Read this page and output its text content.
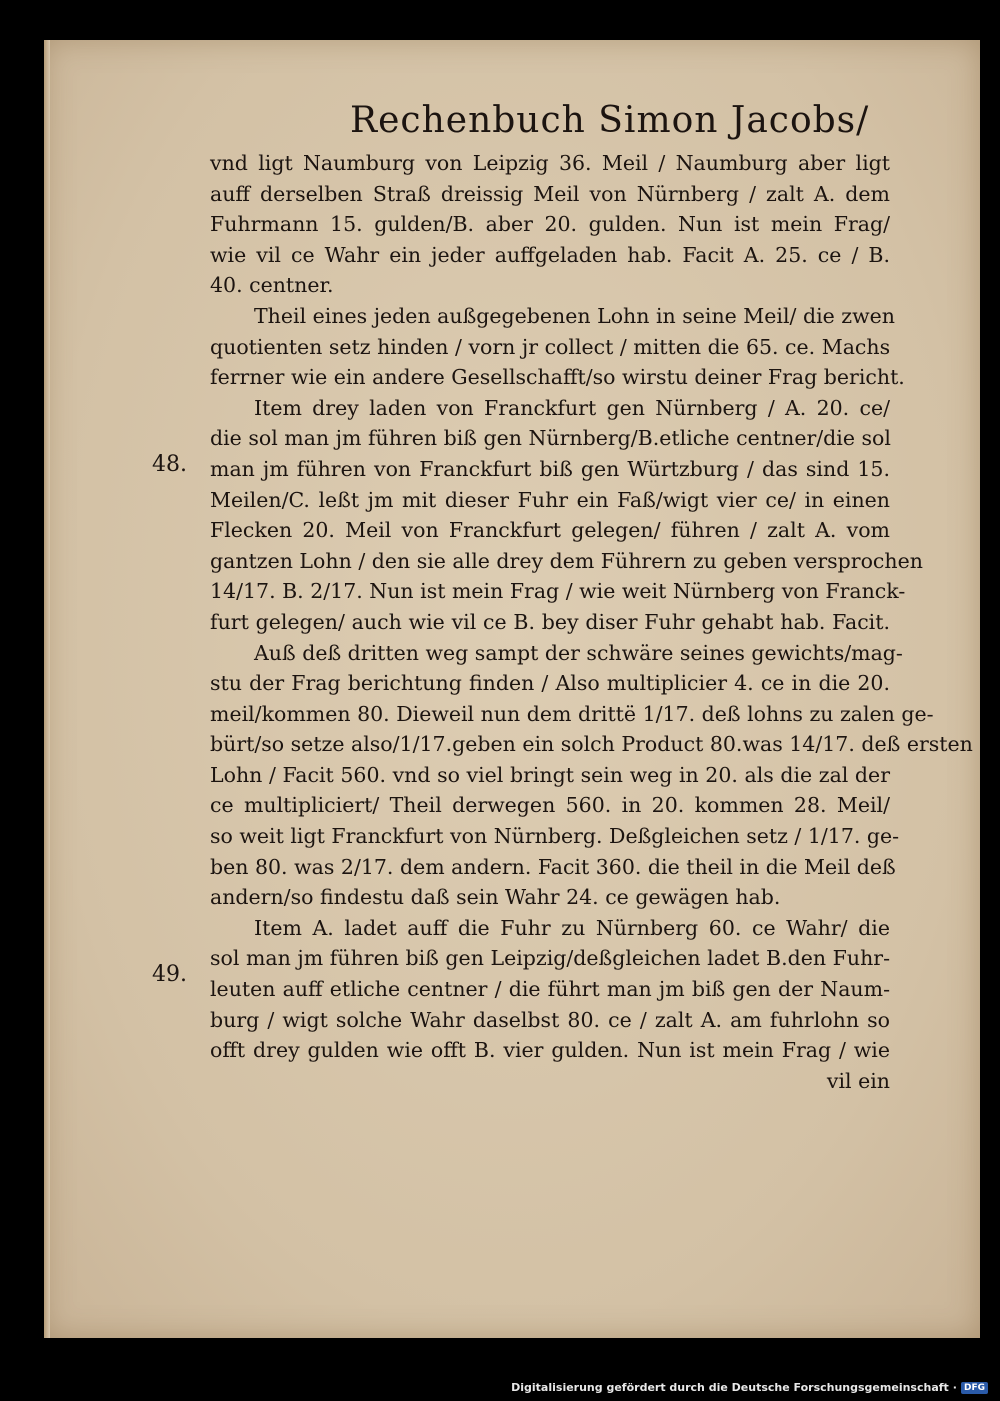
Rechenbuch Simon Jacobs/
48.
49.
vnd ligt Naumburg von Leipzig 36. Meil / Naumburg aber ligt
auff derselben Straß dreissig Meil von Nürnberg / zalt A. dem
Fuhrmann 15. gulden/B. aber 20. gulden. Nun ist mein Frag/
wie vil ce Wahr ein jeder auffgeladen hab. Facit A. 25. ce / B.
40. centner.
Theil eines jeden außgegebenen Lohn in seine Meil/ die zwen
quotienten setz hinden / vorn jr collect / mitten die 65. ce. Machs
ferrner wie ein andere Gesellschafft/so wirstu deiner Frag bericht.
Item drey laden von Franckfurt gen Nürnberg / A. 20. ce/
die sol man jm führen biß gen Nürnberg/B.etliche centner/die sol
man jm führen von Franckfurt biß gen Würtzburg / das sind 15.
Meilen/C. leßt jm mit dieser Fuhr ein Faß/wigt vier ce/ in einen
Flecken 20. Meil von Franckfurt gelegen/ führen / zalt A. vom
gantzen Lohn / den sie alle drey dem Führern zu geben versprochen
14/17. B. 2/17. Nun ist mein Frag / wie weit Nürnberg von Franck-
furt gelegen/ auch wie vil ce B. bey diser Fuhr gehabt hab. Facit.
Auß deß dritten weg sampt der schwäre seines gewichts/mag-
stu der Frag berichtung finden / Also multiplicier 4. ce in die 20.
meil/kommen 80. Dieweil nun dem drittë 1/17. deß lohns zu zalen ge-
bürt/so setze also/1/17.geben ein solch Product 80.was 14/17. deß ersten
Lohn / Facit 560. vnd so viel bringt sein weg in 20. als die zal der
ce multipliciert/ Theil derwegen 560. in 20. kommen 28. Meil/
so weit ligt Franckfurt von Nürnberg. Deßgleichen setz / 1/17. ge-
ben 80. was 2/17. dem andern. Facit 360. die theil in die Meil deß
andern/so findestu daß sein Wahr 24. ce gewägen hab.
Item A. ladet auff die Fuhr zu Nürnberg 60. ce Wahr/ die
sol man jm führen biß gen Leipzig/deßgleichen ladet B.den Fuhr-
leuten auff etliche centner / die führt man jm biß gen der Naum-
burg / wigt solche Wahr daselbst 80. ce / zalt A. am fuhrlohn so
offt drey gulden wie offt B. vier gulden. Nun ist mein Frag / wie
vil ein
Digitalisierung gefördert durch die Deutsche Forschungsgemeinschaft · DFG
